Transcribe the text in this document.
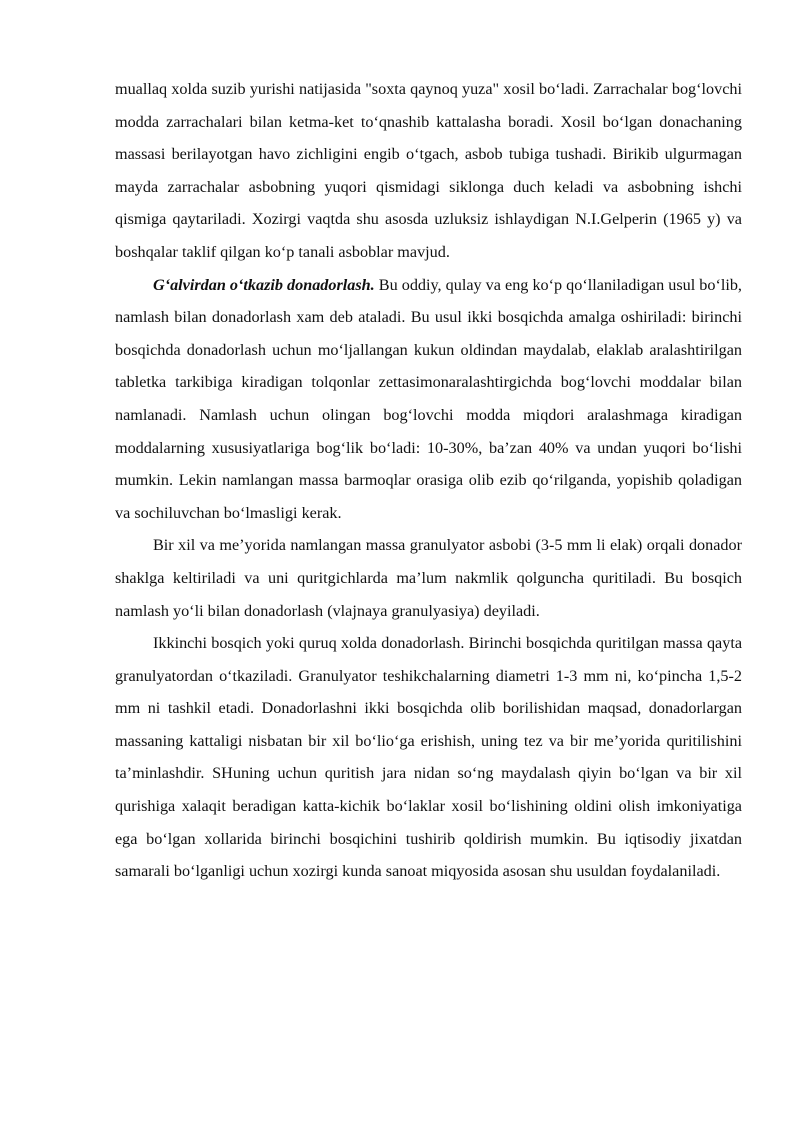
muallaq xolda suzib yurishi natijasida "soxta qaynoq yuza" xosil boʻladi. Zarrachalar bogʻlovchi modda zarrachalari bilan ketma-ket toʻqnashib kattalasha boradi. Xosil boʻlgan donachaning massasi berilayotgan havo zichligini engib oʻtgach, asbob tubiga tushadi. Birikib ulgurmagan mayda zarrachalar asbobning yuqori qismidagi siklonga duch keladi va asbobning ishchi qismiga qaytariladi. Xozirgi vaqtda shu asosda uzluksiz ishlaydigan N.I.Gelperin (1965 y) va boshqalar taklif qilgan koʻp tanali asboblar mavjud.

Gʻalvirdan oʻtkazib donadorlash. Bu oddiy, qulay va eng koʻp qoʻllaniladigan usul boʻlib, namlash bilan donadorlash xam deb ataladi. Bu usul ikki bosqichda amalga oshiriladi: birinchi bosqichda donadorlash uchun moʻljallangan kukun oldindan maydalab, elaklab aralashtirilgan tabletka tarkibiga kiradigan tolqonlar zettasimonaralashtirgichda bogʻlovchi moddalar bilan namlanadi. Namlash uchun olingan bogʻlovchi modda miqdori aralashmaga kiradigan moddalarning xususiyatlariga bogʻlik boʻladi: 10-30%, baʼzan 40% va undan yuqori boʻlishi mumkin. Lekin namlangan massa barmoqlar orasiga olib ezib qoʻrilganda, yopishib qoladigan va sochiluvchan boʻlmasligi kerak.

Bir xil va meʼyorida namlangan massa granulyator asbobi (3-5 mm li elak) orqali donador shaklga keltiriladi va uni quritgichlarda maʼlum nakmlik qolguncha quritiladi. Bu bosqich namlash yoʻli bilan donadorlash (vlajnaya granulyasiya) deyiladi.

Ikkinchi bosqich yoki quruq xolda donadorlash. Birinchi bosqichda quritilgan massa qayta granulyatordan oʻtkaziladi. Granulyator teshikchalarning diametri 1-3 mm ni, koʻpincha 1,5-2 mm ni tashkil etadi. Donadorlashni ikki bosqichda olib borilishidan maqsad, donadorlargan massaning kattaligi nisbatan bir xil boʻlioʻga erishish, uning tez va bir meʼyorida quritilishini taʼminlashdir. SHuning uchun quritish jara nidan soʻng maydalash qiyin boʻlgan va bir xil qurishiga xalaqit beradigan katta-kichik boʻlaklar xosil boʻlishining oldini olish imkoniyatiga ega boʻlgan xollarida birinchi bosqichini tushirib qoldirish mumkin. Bu iqtisodiy jixatdan samarali boʻlganligi uchun xozirgi kunda sanoat miqyosida asosan shu usuldan foydalaniladi.
